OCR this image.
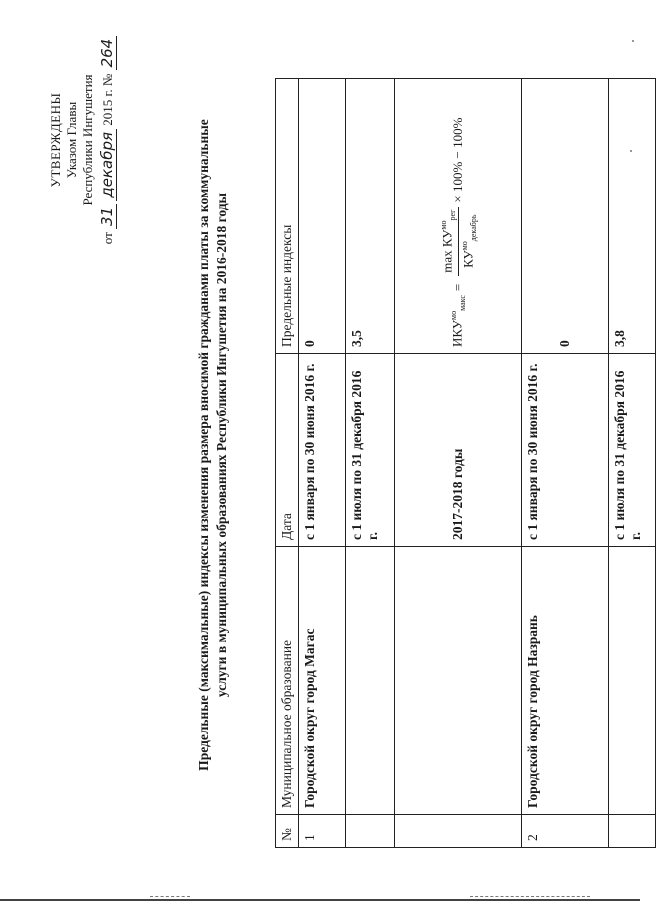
УТВЕРЖДЕНЫ Указом Главы Республики Ингушетия
от 31 декабря 2015 г. № 264
Предельные (максимальные) индексы изменения размера вносимой гражданами платы за коммунальные услуги в муниципальных образованиях Республики Ингушетия на 2016-2018 годы
№	Муниципальное образование	Дата	Предельные индексы
1	Городской округ город Магас	с 1 января по 30 июня 2016 г.	0
		с 1 июля по 31 декабря 2016 г.	3,5
		2017-2018 годы	$ИКУ^{мо}_{макс}$
=
$\max КУ^{мо}_{рег}$
$КУ^{мо}_{декабрь}$
× 100% − 100%

2	Городской округ город Назрань	с 1 января по 30 июня 2016 г.	0
		с 1 июля по 31 декабря 2016 г.	3,8
